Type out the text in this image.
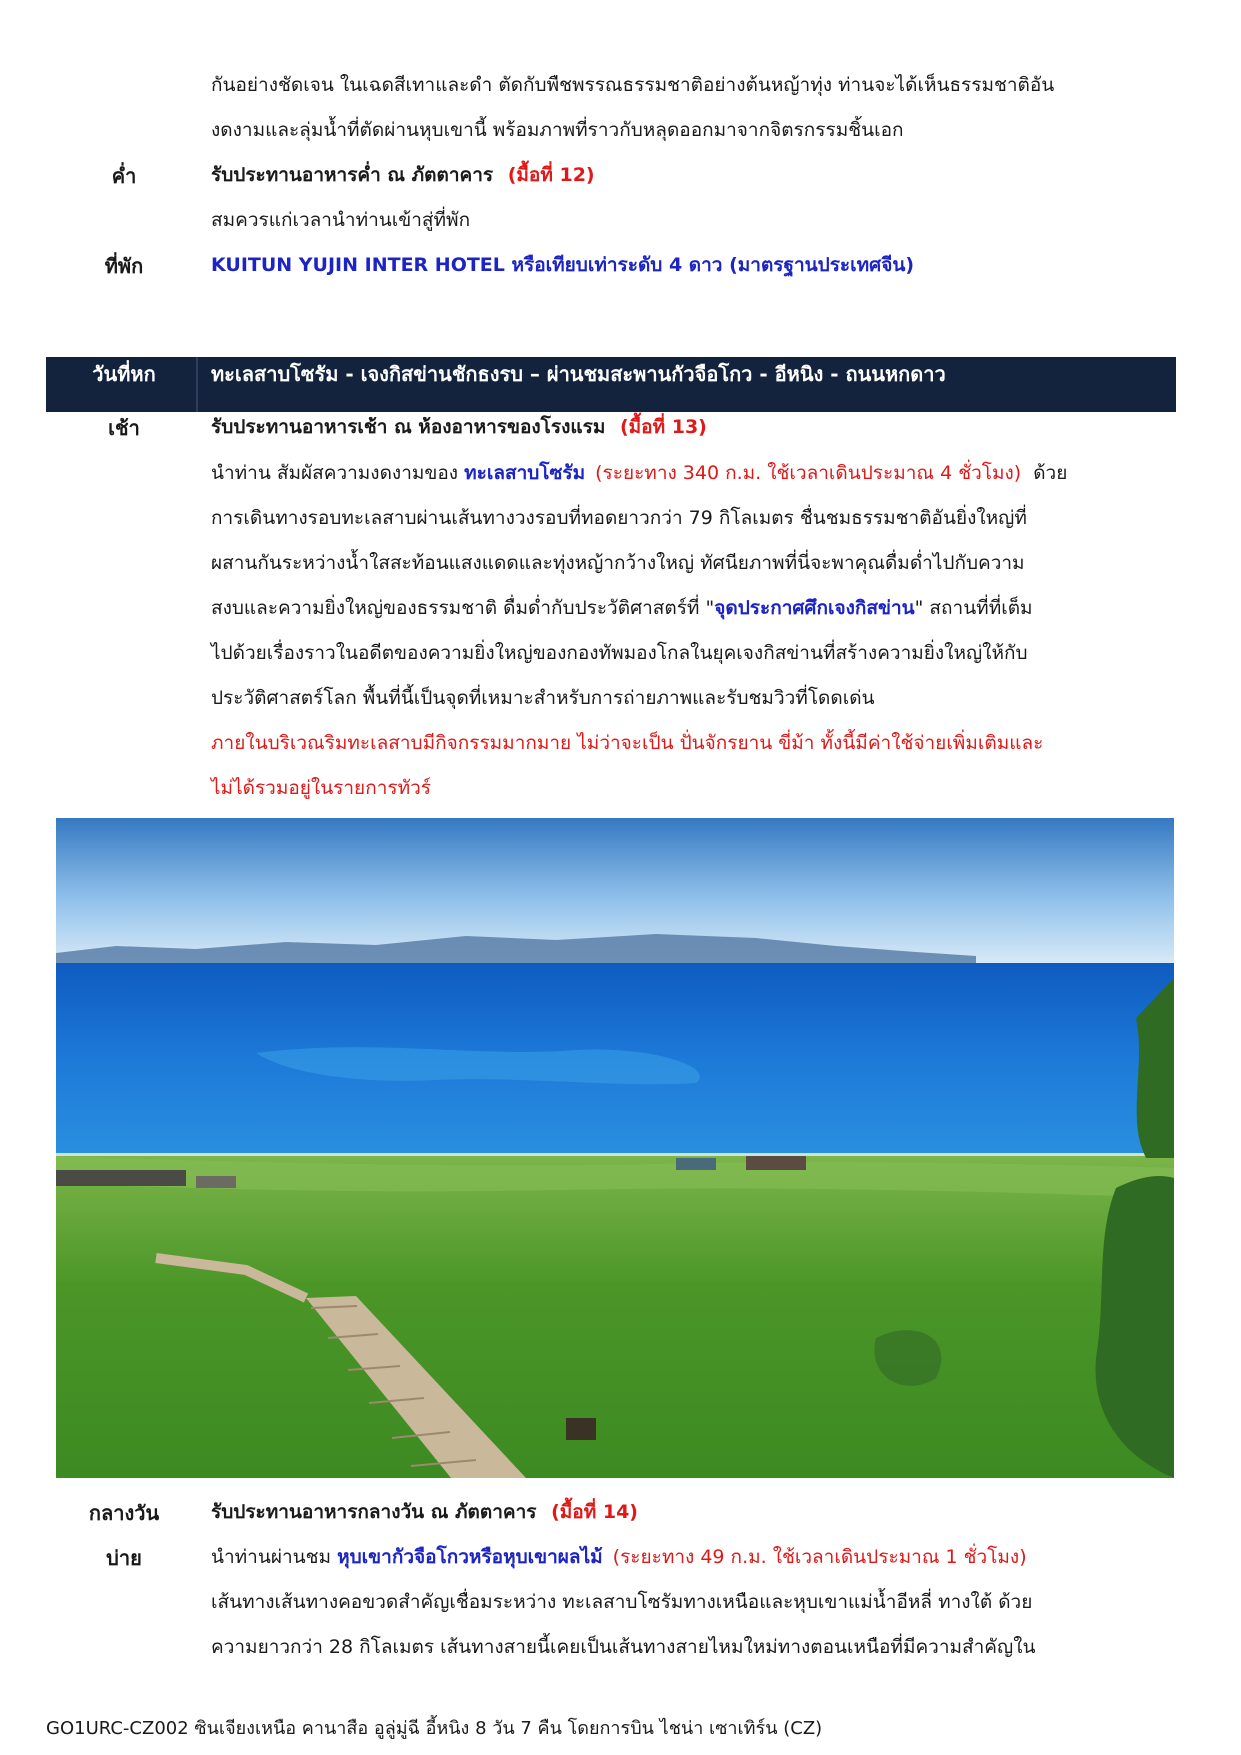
กันอย่างชัดเจน ในเฉดสีเทาและดำ ตัดกับพืชพรรณธรรมชาติอย่างต้นหญ้าทุ่ง ท่านจะได้เห็นธรรมชาติอัน
งดงามและลุ่มน้ำที่ตัดผ่านหุบเขานี้ พร้อมภาพที่ราวกับหลุดออกมาจากจิตรกรรมชิ้นเอก
ค่ำ	รับประทานอาหารค่ำ ณ ภัตตาคาร (มื้อที่ 12)
สมควรแก่เวลานำท่านเข้าสู่ที่พัก
ที่พัก	KUITUN YUJIN INTER HOTEL หรือเทียบเท่าระดับ 4 ดาว (มาตรฐานประเทศจีน)
วันที่หก	ทะเลสาบโซรัม - เจงกิสข่านชักธงรบ – ผ่านชมสะพานกัวจือโกว - อีหนิง - ถนนหกดาว
เช้า	รับประทานอาหารเช้า ณ ห้องอาหารของโรงแรม (มื้อที่ 13)
นำท่าน สัมผัสความงดงามของ ทะเลสาบโซรัม (ระยะทาง 340 ก.ม. ใช้เวลาเดินประมาณ 4 ชั่วโมง) ด้วย
การเดินทางรอบทะเลสาบผ่านเส้นทางวงรอบที่ทอดยาวกว่า 79 กิโลเมตร ชื่นชมธรรมชาติอันยิ่งใหญ่ที่
ผสานกันระหว่างน้ำใสสะท้อนแสงแดดและทุ่งหญ้ากว้างใหญ่ ทัศนียภาพที่นี่จะพาคุณดื่มด่ำไปกับความ
สงบและความยิ่งใหญ่ของธรรมชาติ ดื่มด่ำกับประวัติศาสตร์ที่ "จุดประกาศศึกเจงกิสข่าน" สถานที่ที่เต็ม
ไปด้วยเรื่องราวในอดีตของความยิ่งใหญ่ของกองทัพมองโกลในยุคเจงกิสข่านที่สร้างความยิ่งใหญ่ให้กับ
ประวัติศาสตร์โลก พื้นที่นี้เป็นจุดที่เหมาะสำหรับการถ่ายภาพและรับชมวิวที่โดดเด่น
ภายในบริเวณริมทะเลสาบมีกิจกรรมมากมาย ไม่ว่าจะเป็น ปั่นจักรยาน ขี่ม้า ทั้งนี้มีค่าใช้จ่ายเพิ่มเติมและ
ไม่ได้รวมอยู่ในรายการทัวร์
กลางวัน	รับประทานอาหารกลางวัน ณ ภัตตาคาร (มื้อที่ 14)
บ่าย	นำท่านผ่านชม หุบเขากัวจือโกวหรือหุบเขาผลไม้ (ระยะทาง 49 ก.ม. ใช้เวลาเดินประมาณ 1 ชั่วโมง)
เส้นทางเส้นทางคอขวดสำคัญเชื่อมระหว่าง ทะเลสาบโซรัมทางเหนือและหุบเขาแม่น้ำอีหลี่ ทางใต้ ด้วย
ความยาวกว่า 28 กิโลเมตร เส้นทางสายนี้เคยเป็นเส้นทางสายไหมใหม่ทางตอนเหนือที่มีความสำคัญใน
GO1URC-CZ002 ซินเจียงเหนือ คานาสือ อูลู่มู่ฉี อี้หนิง 8 วัน 7 คืน โดยการบิน ไชน่า เซาเทิร์น (CZ)
